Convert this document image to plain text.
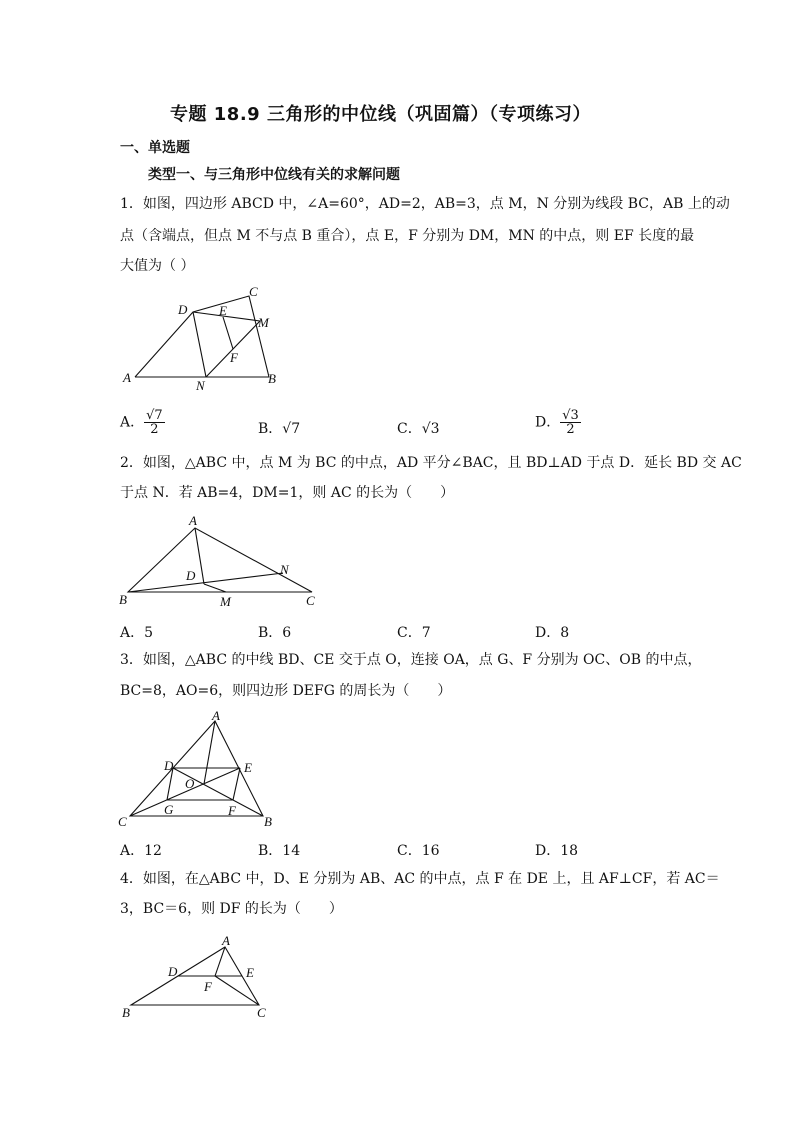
专题 18.9 三角形的中位线（巩固篇）（专项练习）
一、单选题
类型一、与三角形中位线有关的求解问题
1．如图，四边形 ABCD 中，∠A=60°，AD=2，AB=3，点 M，N 分别为线段 BC，AB 上的动
点（含端点，但点 M 不与点 B 重合），点 E，F 分别为 DM，MN 的中点，则 EF 长度的最
大值为（ ）
A	B
C
D E
F
M
N
A． $\frac{√7}{2}$	B．√7	C．√3	D． $\frac{√3}{2}$
2．如图，△ABC 中，点 M 为 BC 的中点，AD 平分∠BAC，且 BD⊥AD 于点 D．延长 BD 交 AC
于点 N．若 AB=4，DM=1，则 AC 的长为（　　）
A
B	C
D
M
N
A．5	B．6	C．7	D．8
3．如图，△ABC 的中线 BD、CE 交于点 O，连接 OA，点 G、F 分别为 OC、OB 的中点，
BC=8，AO=6，则四边形 DEFG 的周长为（　　）
A
B
C
D	E
F
G
O
A．12	B．14	C．16	D．18
4．如图，在△ABC 中，D、E 分别为 AB、AC 的中点，点 F 在 DE 上，且 AF⊥CF，若 AC＝
3，BC＝6，则 DF 的长为（　　）
A
B	C
D	E
F
